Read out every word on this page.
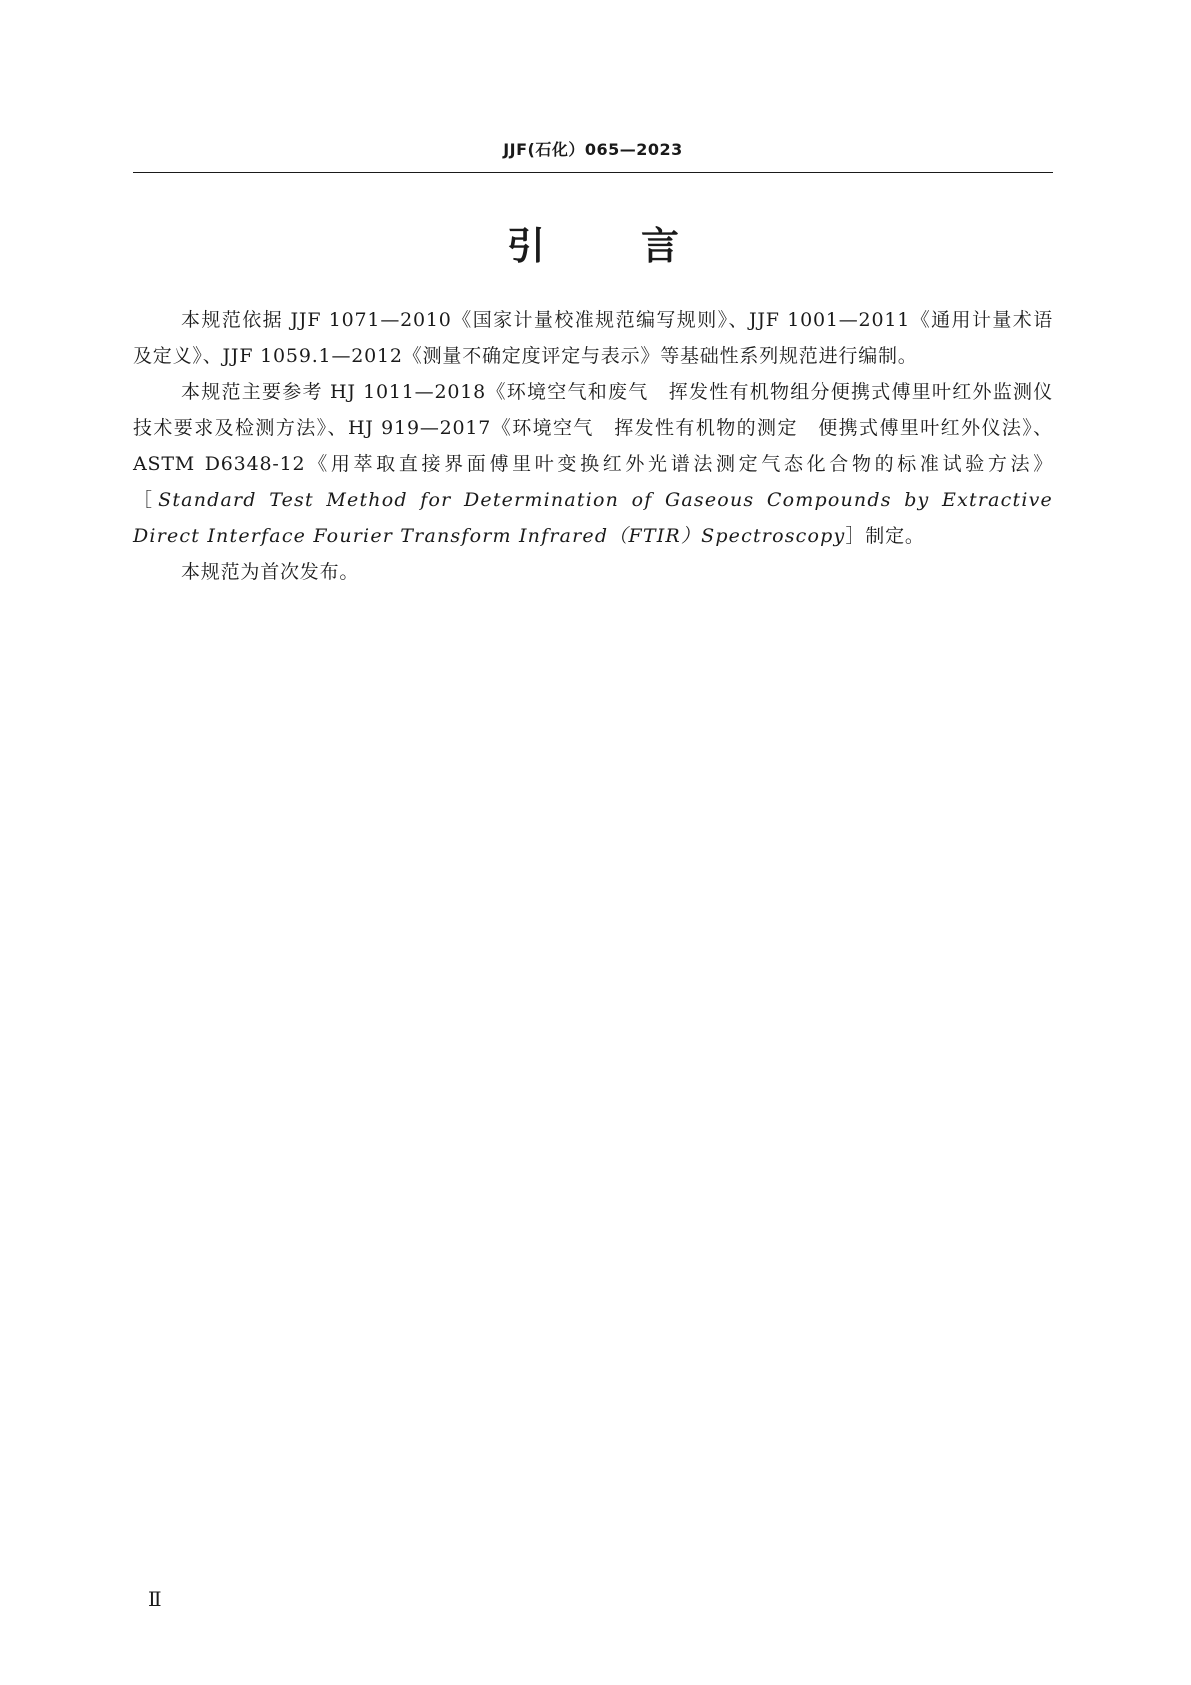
JJF(石化）065—2023
引	言

本规范依据 JJF 1071—2010《国家计量校准规范编写规则》、JJF 1001—2011《通用计量术语及定义》、JJF 1059.1—2012《测量不确定度评定与表示》等基础性系列规范进行编制。

本规范主要参考 HJ 1011—2018《环境空气和废气　挥发性有机物组分便携式傅里叶红外监测仪技术要求及检测方法》、HJ 919—2017《环境空气　挥发性有机物的测定　便携式傅里叶红外仪法》、ASTM D6348-12《用萃取直接界面傅里叶变换红外光谱法测定气态化合物的标准试验方法》［Standard Test Method for Determination of Gaseous Compounds by Extractive Direct Interface Fourier Transform Infrared（FTIR）Spectroscopy］制定。

本规范为首次发布。

Ⅱ
